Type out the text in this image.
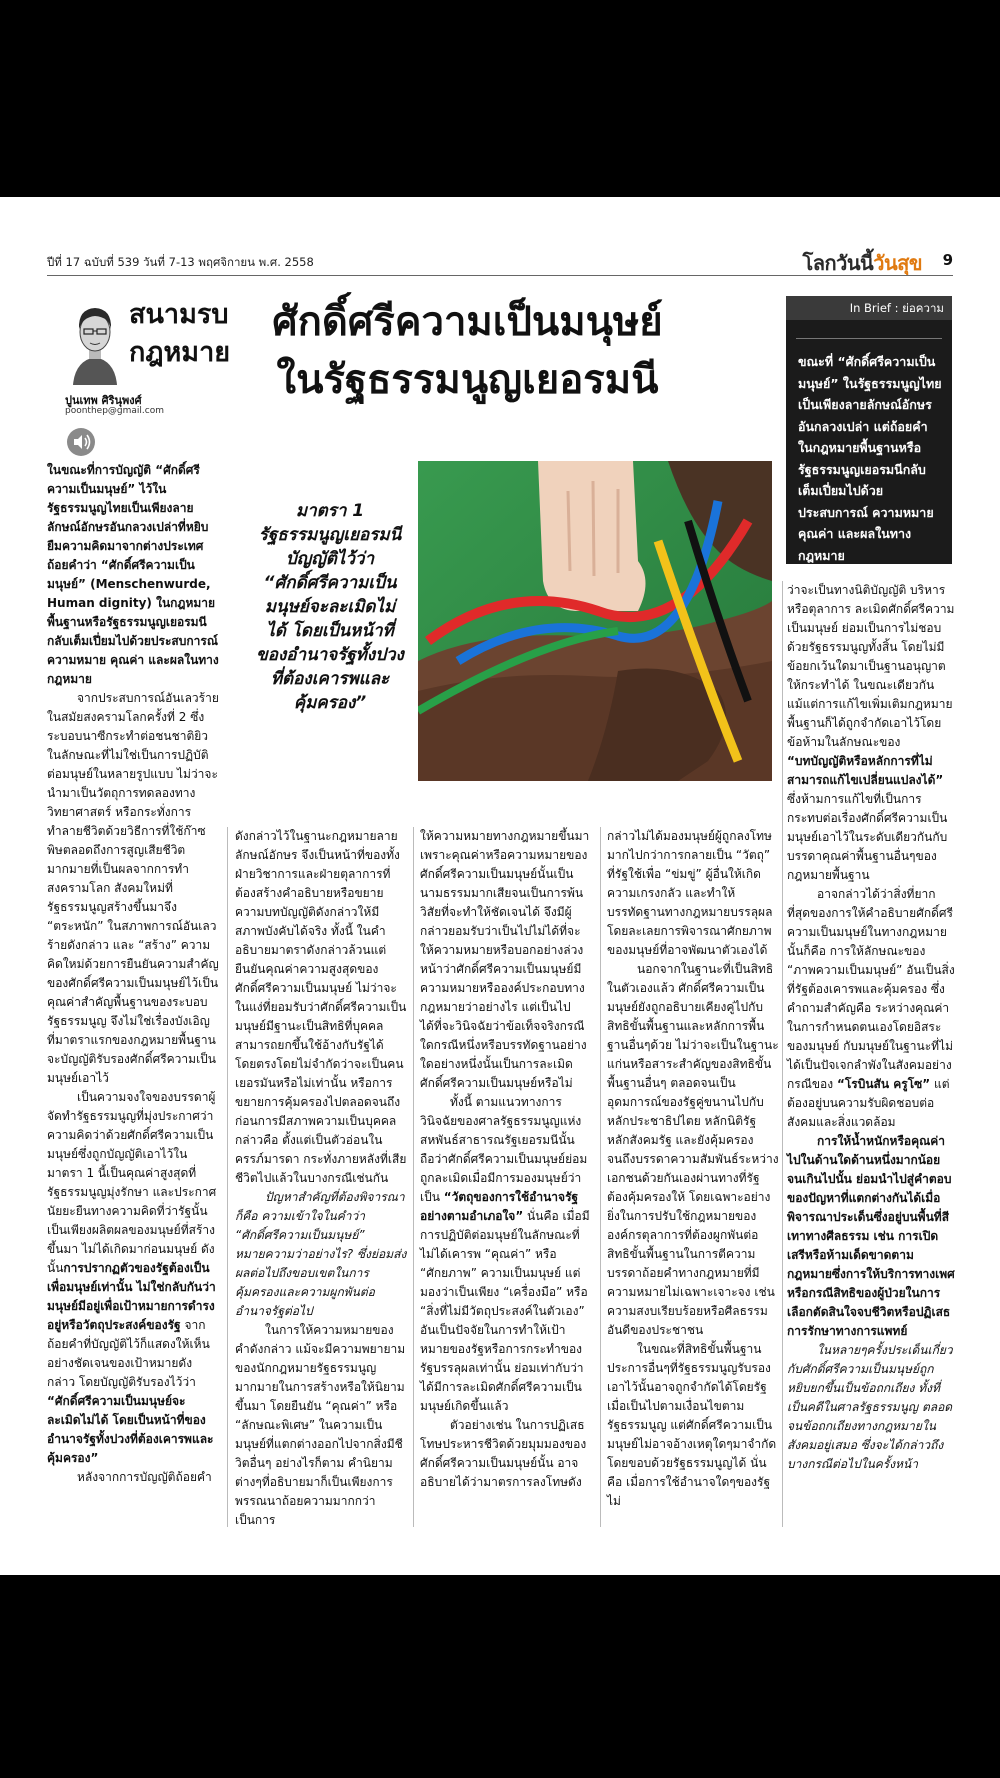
ปีที่ 17 ฉบับที่ 539 วันที่ 7-13 พฤศจิกายน พ.ศ. 2558	โลกวันนี้วันสุข 9
สนามรบ
กฎหมาย
ปูนเทพ ศิรินุพงศ์
poonthep@gmail.com
ศักดิ์ศรีความเป็นมนุษย์
ในรัฐธรรมนูญเยอรมนี
มาตรา 1 รัฐธรรมนูญเยอรมนีบัญญัติไว้ว่า “ศักดิ์ศรีความเป็นมนุษย์จะละเมิดไม่ได้ โดยเป็นหน้าที่ของอำนาจรัฐทั้งปวงที่ต้องเคารพและคุ้มครอง”
In Brief : ย่อความ
ขณะที่ “ศักดิ์ศรีความเป็นมนุษย์” ในรัฐธรรมนูญไทยเป็นเพียงลายลักษณ์อักษรอันกลวงเปล่า แต่ถ้อยคำในกฎหมายพื้นฐานหรือรัฐธรรมนูญเยอรมนีกลับเต็มเปี่ยมไปด้วยประสบการณ์ ความหมาย คุณค่า และผลในทางกฎหมาย

ในขณะที่การบัญญัติ “ศักดิ์ศรีความเป็นมนุษย์” ไว้ในรัฐธรรมนูญไทยเป็นเพียงลายลักษณ์อักษรอันกลวงเปล่าที่หยิบยืมความคิดมาจากต่างประเทศ ถ้อยคำว่า “ศักดิ์ศรีความเป็นมนุษย์” (Menschenwurde, Human dignity) ในกฎหมายพื้นฐานหรือรัฐธรรมนูญเยอรมนีกลับเต็มเปี่ยมไปด้วยประสบการณ์ ความหมาย คุณค่า และผลในทางกฎหมาย

จากประสบการณ์อันเลวร้ายในสมัยสงครามโลกครั้งที่ 2 ซึ่งระบอบนาซีกระทำต่อชนชาติยิวในลักษณะที่ไม่ใช่เป็นการปฏิบัติต่อมนุษย์ในหลายรูปแบบ ไม่ว่าจะนำมาเป็นวัตถุการทดลองทางวิทยาศาสตร์ หรือกระทั่งการทำลายชีวิตด้วยวิธีการที่ใช้ก๊าซพิษตลอดถึงการสูญเสียชีวิตมากมายที่เป็นผลจากการทำสงครามโลก สังคมใหม่ที่รัฐธรรมนูญสร้างขึ้นมาจึง “ตระหนัก” ในสภาพการณ์อันเลวร้ายดังกล่าว และ “สร้าง” ความคิดใหม่ด้วยการยืนยันความสำคัญของศักดิ์ศรีความเป็นมนุษย์ไว้เป็นคุณค่าสำคัญพื้นฐานของระบอบรัฐธรรมนูญ จึงไม่ใช่เรื่องบังเอิญที่มาตราแรกของกฎหมายพื้นฐานจะบัญญัติรับรองศักดิ์ศรีความเป็นมนุษย์เอาไว้

เป็นความจงใจของบรรดาผู้จัดทำรัฐธรรมนูญที่มุ่งประกาศว่า ความคิดว่าด้วยศักดิ์ศรีความเป็นมนุษย์ซึ่งถูกบัญญัติเอาไว้ในมาตรา 1 นี้เป็นคุณค่าสูงสุดที่รัฐธรรมนูญมุ่งรักษา และประกาศนัยยะยืนทางความคิดที่ว่ารัฐนั้นเป็นเพียงผลิตผลของมนุษย์ที่สร้างขึ้นมา ไม่ได้เกิดมาก่อนมนุษย์ ดังนั้นการปรากฏตัวของรัฐต้องเป็นเพื่อมนุษย์เท่านั้น ไม่ใช่กลับกันว่ามนุษย์มีอยู่เพื่อเป้าหมายการดำรงอยู่หรือวัตถุประสงค์ของรัฐ จากถ้อยคำที่บัญญัติไว้ก็แสดงให้เห็นอย่างชัดเจนของเป้าหมายดังกล่าว โดยบัญญัติรับรองไว้ว่า “ศักดิ์ศรีความเป็นมนุษย์จะละเมิดไม่ได้ โดยเป็นหน้าที่ของอำนาจรัฐทั้งปวงที่ต้องเคารพและคุ้มครอง”

หลังจากการบัญญัติถ้อยคำ

ดังกล่าวไว้ในฐานะกฎหมายลายลักษณ์อักษร จึงเป็นหน้าที่ของทั้งฝ่ายวิชาการและฝ่ายตุลาการที่ต้องสร้างคำอธิบายหรือขยายความบทบัญญัติดังกล่าวให้มีสภาพบังคับได้จริง ทั้งนี้ ในคำอธิบายมาตราดังกล่าวล้วนแต่ยืนยันคุณค่าความสูงสุดของศักดิ์ศรีความเป็นมนุษย์ ไม่ว่าจะในแง่ที่ยอมรับว่าศักดิ์ศรีความเป็นมนุษย์มีฐานะเป็นสิทธิที่บุคคลสามารถยกขึ้นใช้อ้างกับรัฐได้โดยตรงโดยไม่จำกัดว่าจะเป็นคนเยอรมันหรือไม่เท่านั้น หรือการขยายการคุ้มครองไปตลอดจนถึงก่อนการมีสภาพความเป็นบุคคล กล่าวคือ ตั้งแต่เป็นตัวอ่อนในครรภ์มารดา กระทั่งภายหลังที่เสียชีวิตไปแล้วในบางกรณีเช่นกัน

ปัญหาสำคัญที่ต้องพิจารณาก็คือ ความเข้าใจในคำว่า “ศักดิ์ศรีความเป็นมนุษย์” หมายความว่าอย่างไร? ซึ่งย่อมส่งผลต่อไปถึงขอบเขตในการคุ้มครองและความผูกพันต่ออำนาจรัฐต่อไป

ในการให้ความหมายของคำดังกล่าว แม้จะมีความพยายามของนักกฎหมายรัฐธรรมนูญมากมายในการสร้างหรือให้นิยามขึ้นมา โดยยืนยัน “คุณค่า” หรือ “ลักษณะพิเศษ” ในความเป็นมนุษย์ที่แตกต่างออกไปจากสิ่งมีชีวิตอื่นๆ อย่างไรก็ตาม คำนิยามต่างๆที่อธิบายมาก็เป็นเพียงการพรรณนาถ้อยความมากกว่าเป็นการ

ให้ความหมายทางกฎหมายขึ้นมา เพราะคุณค่าหรือความหมายของศักดิ์ศรีความเป็นมนุษย์นั้นเป็นนามธรรมมากเสียจนเป็นการพ้นวิสัยที่จะทำให้ชัดเจนได้ จึงมีผู้กล่าวยอมรับว่าเป็นไปไม่ได้ที่จะให้ความหมายหรือบอกอย่างล่วงหน้าว่าศักดิ์ศรีความเป็นมนุษย์มีความหมายหรือองค์ประกอบทางกฎหมายว่าอย่างไร แต่เป็นไปได้ที่จะวินิจฉัยว่าข้อเท็จจริงกรณีใดกรณีหนึ่งหรือบรรทัดฐานอย่างใดอย่างหนึ่งนั้นเป็นการละเมิดศักดิ์ศรีความเป็นมนุษย์หรือไม่

ทั้งนี้ ตามแนวทางการวินิจฉัยของศาลรัฐธรรมนูญแห่งสหพันธ์สาธารณรัฐเยอรมนีนั้น ถือว่าศักดิ์ศรีความเป็นมนุษย์ย่อมถูกละเมิดเมื่อมีการมองมนุษย์ว่าเป็น “วัตถุของการใช้อำนาจรัฐอย่างตามอำเภอใจ” นั่นคือ เมื่อมีการปฏิบัติต่อมนุษย์ในลักษณะที่ไม่ได้เคารพ “คุณค่า” หรือ “ศักยภาพ” ความเป็นมนุษย์ แต่มองว่าเป็นเพียง “เครื่องมือ” หรือ “สิ่งที่ไม่มีวัตถุประสงค์ในตัวเอง” อันเป็นปัจจัยในการทำให้เป้าหมายของรัฐหรือการกระทำของรัฐบรรลุผลเท่านั้น ย่อมเท่ากับว่าได้มีการละเมิดศักดิ์ศรีความเป็นมนุษย์เกิดขึ้นแล้ว

ตัวอย่างเช่น ในการปฏิเสธโทษประหารชีวิตด้วยมุมมองของศักดิ์ศรีความเป็นมนุษย์นั้น อาจอธิบายได้ว่ามาตรการลงโทษดัง

กล่าวไม่ได้มองมนุษย์ผู้ถูกลงโทษมากไปกว่าการกลายเป็น “วัตถุ” ที่รัฐใช้เพื่อ “ข่มขู่” ผู้อื่นให้เกิดความเกรงกลัว และทำให้บรรทัดฐานทางกฎหมายบรรลุผล โดยละเลยการพิจารณาศักยภาพของมนุษย์ที่อาจพัฒนาตัวเองได้

นอกจากในฐานะที่เป็นสิทธิในตัวเองแล้ว ศักดิ์ศรีความเป็นมนุษย์ยังถูกอธิบายเคียงคู่ไปกับสิทธิขั้นพื้นฐานและหลักการพื้นฐานอื่นๆด้วย ไม่ว่าจะเป็นในฐานะแก่นหรือสาระสำคัญของสิทธิขั้นพื้นฐานอื่นๆ ตลอดจนเป็นอุดมการณ์ของรัฐคู่ขนานไปกับหลักประชาธิปไตย หลักนิติรัฐ หลักสังคมรัฐ และยังคุ้มครองจนถึงบรรดาความสัมพันธ์ระหว่างเอกชนด้วยกันเองผ่านทางที่รัฐต้องคุ้มครองให้ โดยเฉพาะอย่างยิ่งในการปรับใช้กฎหมายขององค์กรตุลาการที่ต้องผูกพันต่อสิทธิขั้นพื้นฐานในการตีความบรรดาถ้อยคำทางกฎหมายที่มีความหมายไม่เฉพาะเจาะจง เช่น ความสงบเรียบร้อยหรือศีลธรรมอันดีของประชาชน

ในขณะที่สิทธิขั้นพื้นฐานประการอื่นๆที่รัฐธรรมนูญรับรองเอาไว้นั้นอาจถูกจำกัดได้โดยรัฐเมื่อเป็นไปตามเงื่อนไขตามรัฐธรรมนูญ แต่ศักดิ์ศรีความเป็นมนุษย์ไม่อาจอ้างเหตุใดๆมาจำกัดโดยขอบด้วยรัฐธรรมนูญได้ นั่นคือ เมื่อการใช้อำนาจใดๆของรัฐ ไม่

ว่าจะเป็นทางนิติบัญญัติ บริหาร หรือตุลาการ ละเมิดศักดิ์ศรีความเป็นมนุษย์ ย่อมเป็นการไม่ชอบด้วยรัฐธรรมนูญทั้งสิ้น โดยไม่มีข้อยกเว้นใดมาเป็นฐานอนุญาตให้กระทำได้ ในขณะเดียวกันแม้แต่การแก้ไขเพิ่มเติมกฎหมายพื้นฐานก็ได้ถูกจำกัดเอาไว้โดยข้อห้ามในลักษณะของ “บทบัญญัติหรือหลักการที่ไม่สามารถแก้ไขเปลี่ยนแปลงได้” ซึ่งห้ามการแก้ไขที่เป็นการกระทบต่อเรื่องศักดิ์ศรีความเป็นมนุษย์เอาไว้ในระดับเดียวกันกับบรรดาคุณค่าพื้นฐานอื่นๆของกฎหมายพื้นฐาน

อาจกล่าวได้ว่าสิ่งที่ยากที่สุดของการให้คำอธิบายศักดิ์ศรีความเป็นมนุษย์ในทางกฎหมายนั้นก็คือ การให้ลักษณะของ “ภาพความเป็นมนุษย์” อันเป็นสิ่งที่รัฐต้องเคารพและคุ้มครอง ซึ่งคำถามสำคัญคือ ระหว่างคุณค่าในการกำหนดตนเองโดยอิสระของมนุษย์ กับมนุษย์ในฐานะที่ไม่ได้เป็นปัจเจกลำพังในสังคมอย่างกรณีของ “โรบินสัน ครูโซ” แต่ต้องอยู่บนความรับผิดชอบต่อสังคมและสิ่งแวดล้อม

การให้น้ำหนักหรือคุณค่าไปในด้านใดด้านหนึ่งมากน้อยจนเกินไปนั้น ย่อมนำไปสู่คำตอบของปัญหาที่แตกต่างกันได้เมื่อพิจารณาประเด็นซึ่งอยู่บนพื้นที่สีเทาทางศีลธรรม เช่น การเปิดเสรีหรือห้ามเด็ดขาดตามกฎหมายซึ่งการให้บริการทางเพศ หรือกรณีสิทธิของผู้ป่วยในการเลือกตัดสินใจจบชีวิตหรือปฏิเสธการรักษาทางการแพทย์

ในหลายๆครั้งประเด็นเกี่ยวกับศักดิ์ศรีความเป็นมนุษย์ถูกหยิบยกขึ้นเป็นข้อถกเถียง ทั้งที่เป็นคดีในศาลรัฐธรรมนูญ ตลอดจนข้อถกเถียงทางกฎหมายในสังคมอยู่เสมอ ซึ่งจะได้กล่าวถึงบางกรณีต่อไปในครั้งหน้า
